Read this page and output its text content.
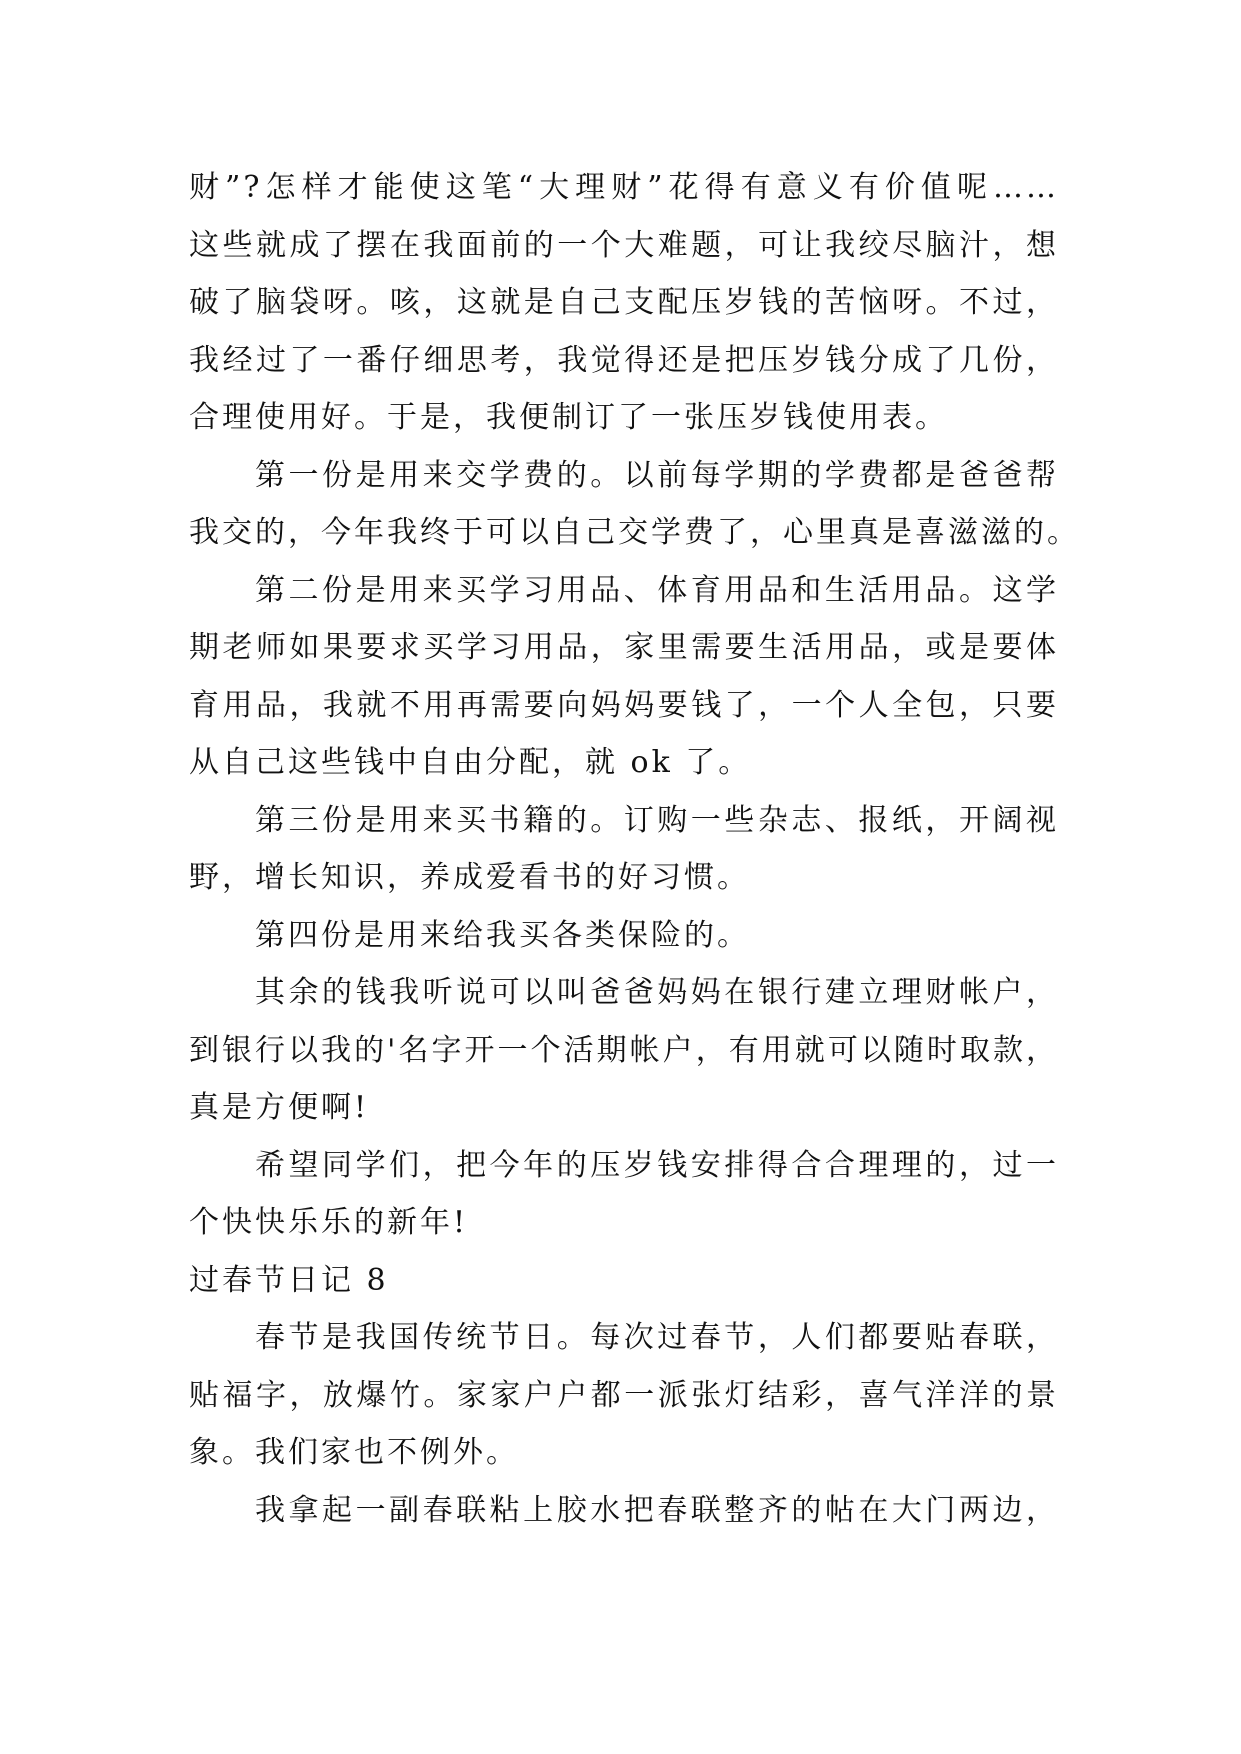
财”?怎样才能使这笔“大理财”花得有意义有价值呢……
这些就成了摆在我面前的一个大难题，可让我绞尽脑汁，想
破了脑袋呀。咳，这就是自己支配压岁钱的苦恼呀。不过，
我经过了一番仔细思考，我觉得还是把压岁钱分成了几份，
合理使用好。于是，我便制订了一张压岁钱使用表。
第一份是用来交学费的。以前每学期的学费都是爸爸帮
我交的，今年我终于可以自己交学费了，心里真是喜滋滋的。
第二份是用来买学习用品、体育用品和生活用品。这学
期老师如果要求买学习用品，家里需要生活用品，或是要体
育用品，我就不用再需要向妈妈要钱了，一个人全包，只要
从自己这些钱中自由分配，就 ok 了。
第三份是用来买书籍的。订购一些杂志、报纸，开阔视
野，增长知识，养成爱看书的好习惯。
第四份是用来给我买各类保险的。
其余的钱我听说可以叫爸爸妈妈在银行建立理财帐户，
到银行以我的'名字开一个活期帐户，有用就可以随时取款，
真是方便啊!
希望同学们，把今年的压岁钱安排得合合理理的，过一
个快快乐乐的新年!
过春节日记 8
春节是我国传统节日。每次过春节，人们都要贴春联，
贴福字，放爆竹。家家户户都一派张灯结彩，喜气洋洋的景
象。我们家也不例外。
我拿起一副春联粘上胶水把春联整齐的帖在大门两边，
